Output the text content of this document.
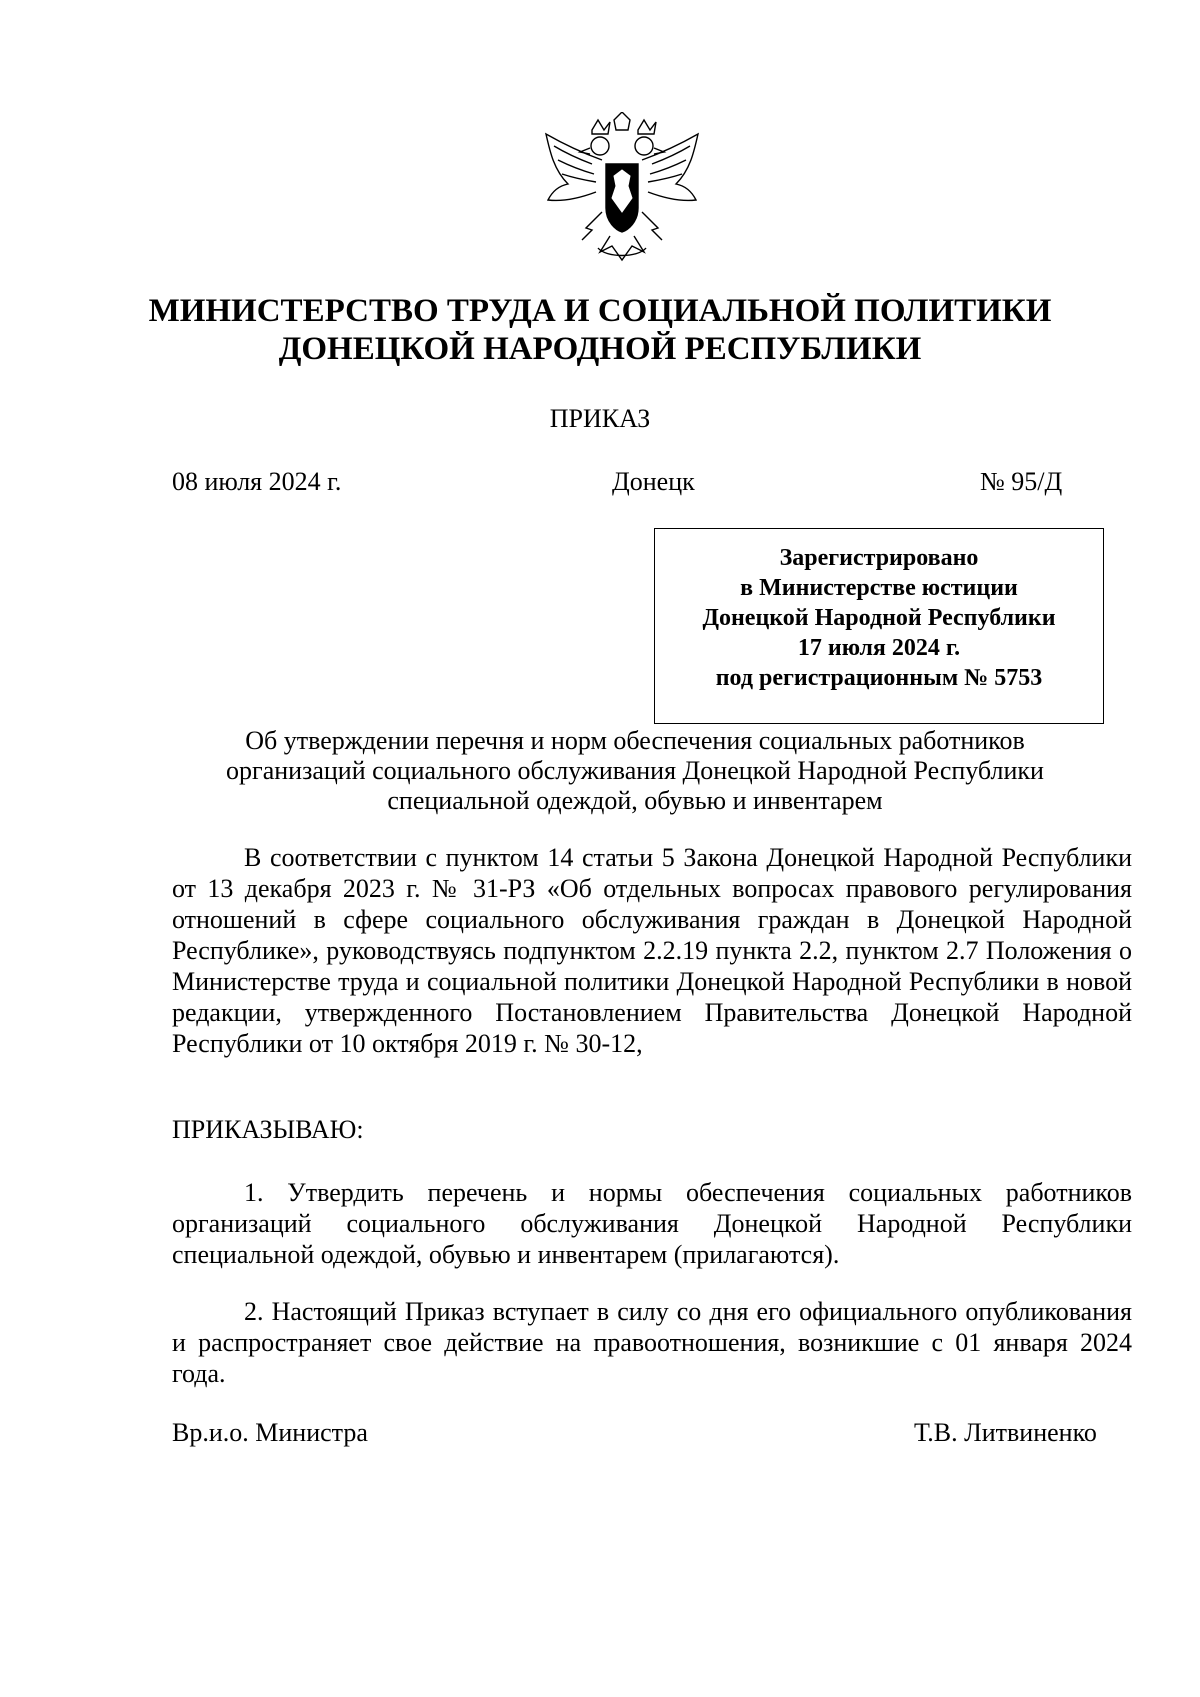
МИНИСТЕРСТВО ТРУДА И СОЦИАЛЬНОЙ ПОЛИТИКИ
ДОНЕЦКОЙ НАРОДНОЙ РЕСПУБЛИКИ
ПРИКАЗ
08 июля 2024 г.	Донецк	№ 95/Д
Зарегистрировано
в Министерстве юстиции
Донецкой Народной Республики
17 июля 2024 г.
под регистрационным № 5753
Об утверждении перечня и норм обеспечения социальных работников
организаций социального обслуживания Донецкой Народной Республики
специальной одеждой, обувью и инвентарем
В соответствии с пунктом 14 статьи 5 Закона Донецкой Народной Республики от 13 декабря 2023 г. № 31-РЗ «Об отдельных вопросах правового регулирования отношений в сфере социального обслуживания граждан в Донецкой Народной Республике», руководствуясь подпунктом 2.2.19 пункта 2.2, пунктом 2.7 Положения о Министерстве труда и социальной политики Донецкой Народной Республики в новой редакции, утвержденного Постановлением Правительства Донецкой Народной Республики от 10 октября 2019 г. № 30-12,
ПРИКАЗЫВАЮ:
1. Утвердить перечень и нормы обеспечения социальных работников организаций социального обслуживания Донецкой Народной Республики специальной одеждой, обувью и инвентарем (прилагаются).
2. Настоящий Приказ вступает в силу со дня его официального опубликования и распространяет свое действие на правоотношения, возникшие с 01 января 2024 года.
Вр.и.о. Министра	Т.В. Литвиненко
